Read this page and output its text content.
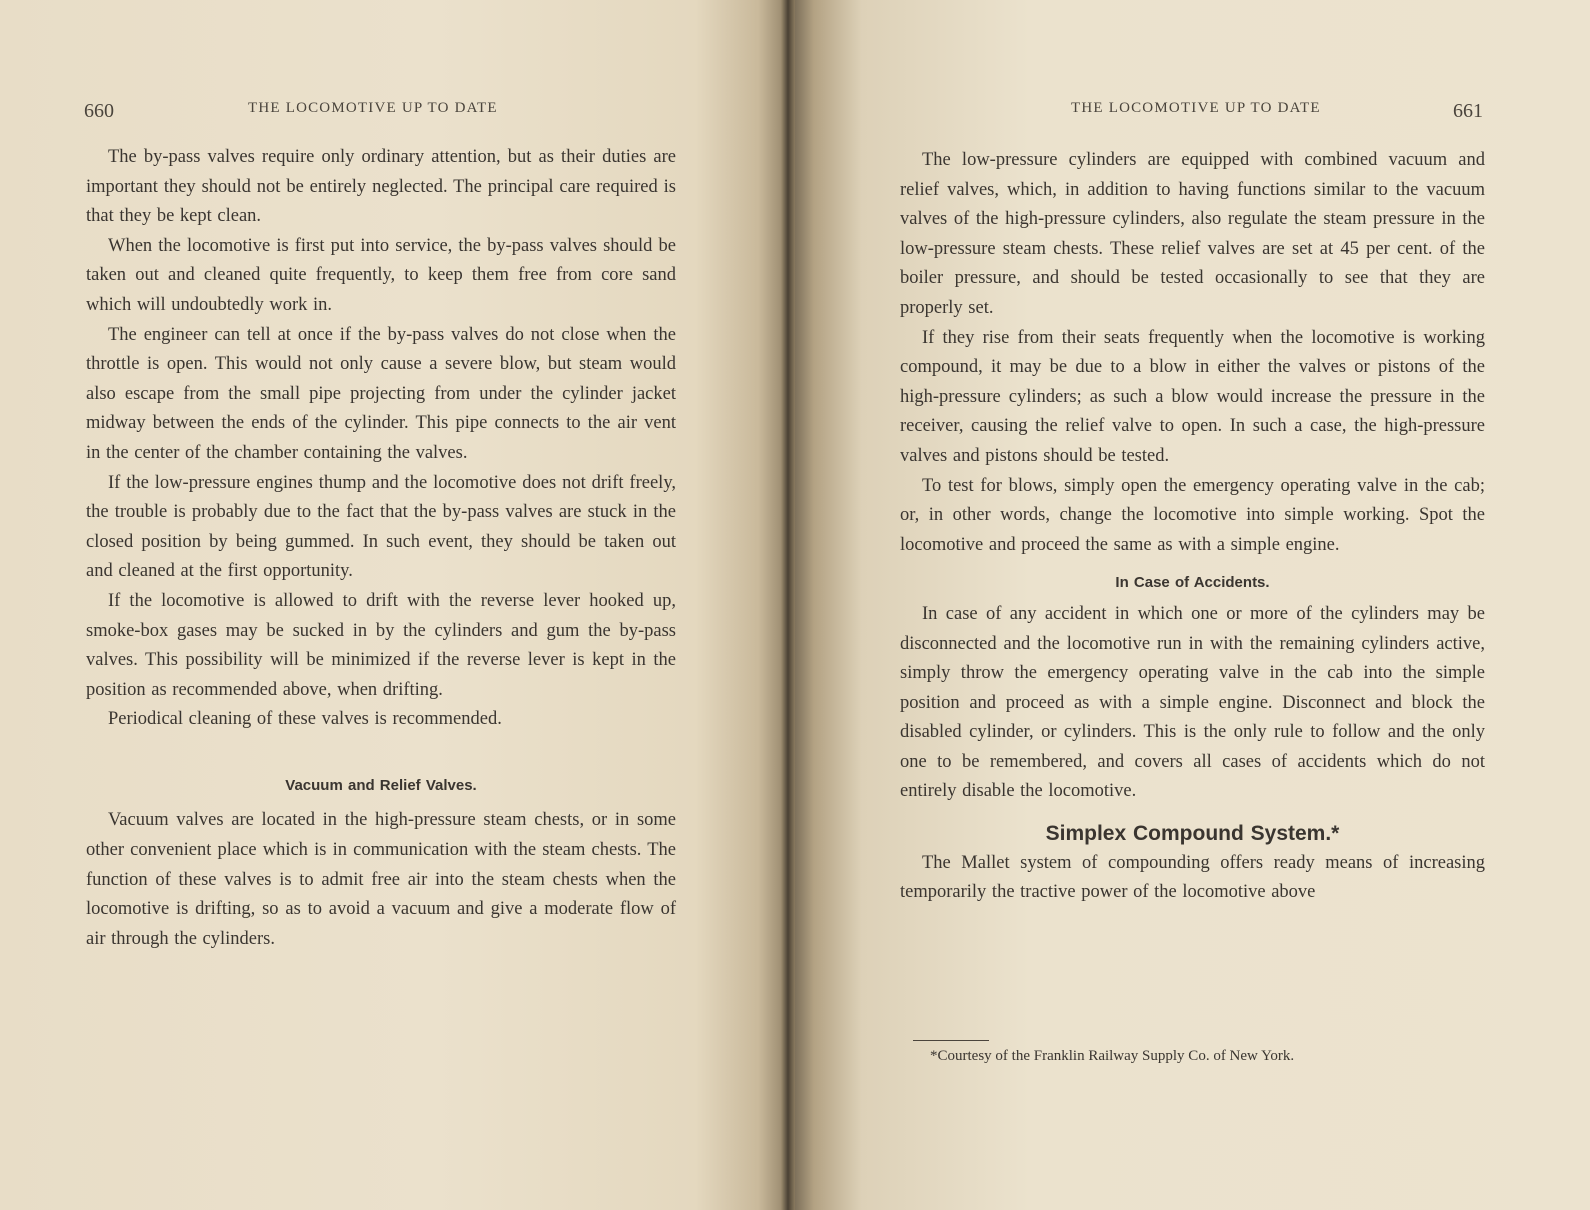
660	THE LOCOMOTIVE UP TO DATE

The by-pass valves require only ordinary attention, but as their duties are important they should not be entirely neglected. The principal care required is that they be kept clean.

When the locomotive is first put into service, the by-pass valves should be taken out and cleaned quite frequently, to keep them free from core sand which will undoubtedly work in.

The engineer can tell at once if the by-pass valves do not close when the throttle is open. This would not only cause a severe blow, but steam would also escape from the small pipe projecting from under the cylinder jacket midway between the ends of the cylinder. This pipe connects to the air vent in the center of the chamber containing the valves.

If the low-pressure engines thump and the locomotive does not drift freely, the trouble is probably due to the fact that the by-pass valves are stuck in the closed position by being gummed. In such event, they should be taken out and cleaned at the first opportunity.

If the locomotive is allowed to drift with the reverse lever hooked up, smoke-box gases may be sucked in by the cylinders and gum the by-pass valves. This possibility will be minimized if the reverse lever is kept in the position as recommended above, when drifting.

Periodical cleaning of these valves is recommended.

Vacuum and Relief Valves.

Vacuum valves are located in the high-pressure steam chests, or in some other convenient place which is in communication with the steam chests. The function of these valves is to admit free air into the steam chests when the locomotive is drifting, so as to avoid a vacuum and give a moderate flow of air through the cylinders.

THE LOCOMOTIVE UP TO DATE	661

The low-pressure cylinders are equipped with combined vacuum and relief valves, which, in addition to having functions similar to the vacuum valves of the high-pressure cylinders, also regulate the steam pressure in the low-pressure steam chests. These relief valves are set at 45 per cent. of the boiler pressure, and should be tested occasionally to see that they are properly set.

If they rise from their seats frequently when the locomotive is working compound, it may be due to a blow in either the valves or pistons of the high-pressure cylinders; as such a blow would increase the pressure in the receiver, causing the relief valve to open. In such a case, the high-pressure valves and pistons should be tested.

To test for blows, simply open the emergency operating valve in the cab; or, in other words, change the locomotive into simple working. Spot the locomotive and proceed the same as with a simple engine.

In Case of Accidents.

In case of any accident in which one or more of the cylinders may be disconnected and the locomotive run in with the remaining cylinders active, simply throw the emergency operating valve in the cab into the simple position and proceed as with a simple engine. Disconnect and block the disabled cylinder, or cylinders. This is the only rule to follow and the only one to be remembered, and covers all cases of accidents which do not entirely disable the locomotive.

Simplex Compound System.*

The Mallet system of compounding offers ready means of increasing temporarily the tractive power of the locomotive above

*Courtesy of the Franklin Railway Supply Co. of New York.
